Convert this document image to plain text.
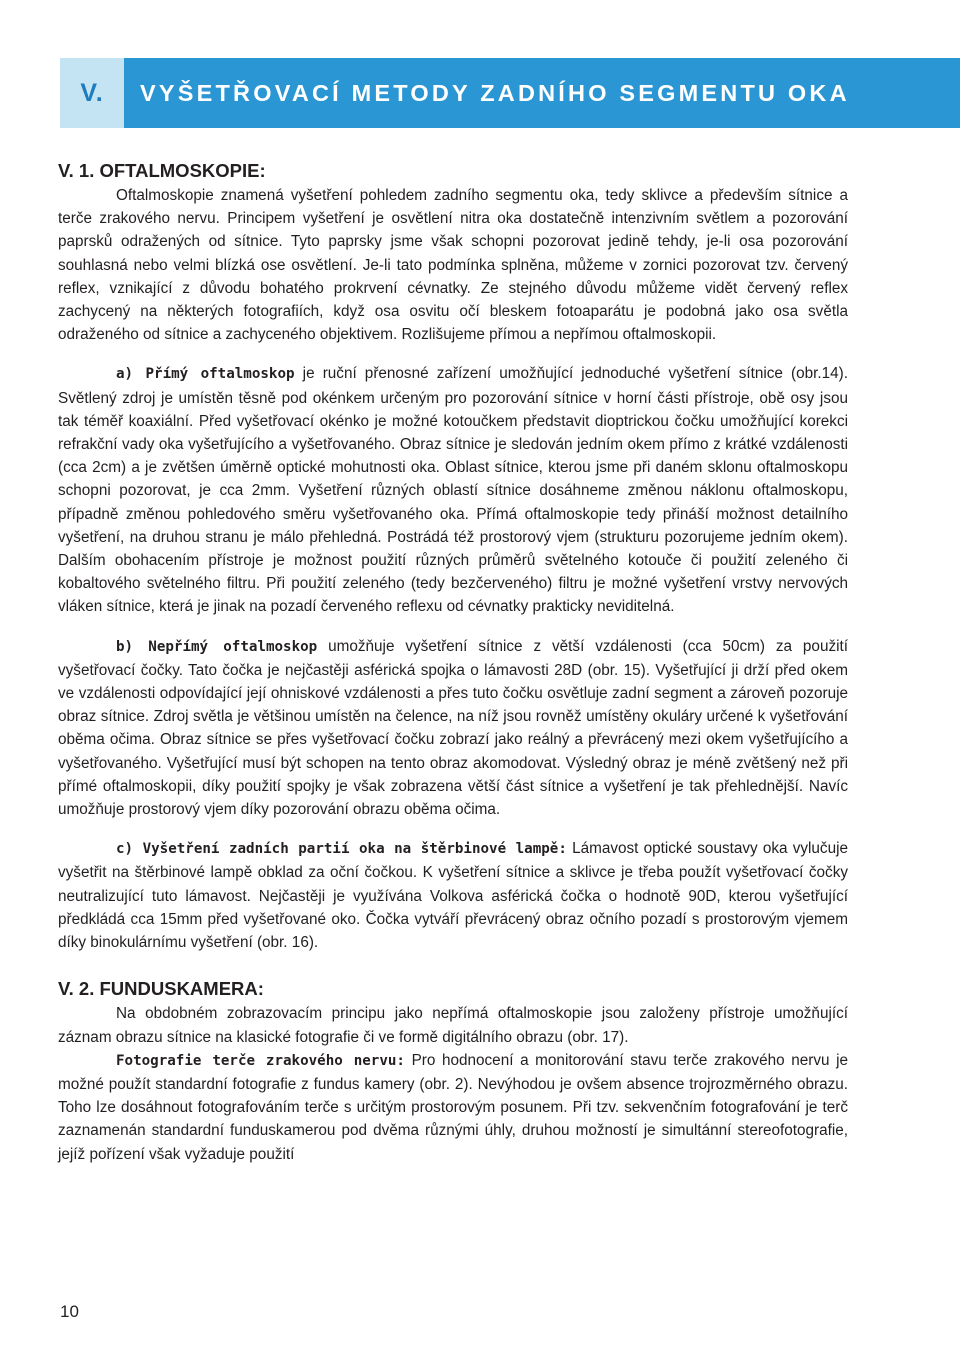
V.	VYŠETŘOVACÍ METODY ZADNÍHO SEGMENTU OKA
V. 1. OFTALMOSKOPIE:

Oftalmoskopie znamená vyšetření pohledem zadního segmentu oka, tedy sklivce a především sítnice a terče zrakového nervu. Principem vyšetření je osvětlení nitra oka dostatečně intenzivním světlem a pozorování paprsků odražených od sítnice. Tyto paprsky jsme však schopni pozorovat jedině tehdy, je-li osa pozorování souhlasná nebo velmi blízká ose osvětlení. Je-li tato podmínka splněna, můžeme v zornici pozorovat tzv. červený reflex, vznikající z důvodu bohatého prokrvení cévnatky. Ze stejného důvodu můžeme vidět červený reflex zachycený na některých fotografiích, když osa osvitu očí bleskem fotoaparátu je podobná jako osa světla odraženého od sítnice a zachyceného objektivem. Rozlišujeme přímou a nepřímou oftalmoskopii.

a) Přímý oftalmoskop je ruční přenosné zařízení umožňující jednoduché vyšetření sítnice (obr.14). Světlený zdroj je umístěn těsně pod okénkem určeným pro pozorování sítnice v horní části přístroje, obě osy jsou tak téměř koaxiální. Před vyšetřovací okénko je možné kotoučkem představit dioptrickou čočku umožňující korekci refrakční vady oka vyšetřujícího a vyšetřovaného. Obraz sítnice je sledován jedním okem přímo z krátké vzdálenosti (cca 2cm) a je zvětšen úměrně optické mohutnosti oka. Oblast sítnice, kterou jsme při daném sklonu oftalmoskopu schopni pozorovat, je cca 2mm. Vyšetření různých oblastí sítnice dosáhneme změnou náklonu oftalmoskopu, případně změnou pohledového směru vyšetřovaného oka. Přímá oftalmoskopie tedy přináší možnost detailního vyšetření, na druhou stranu je málo přehledná. Postrádá též prostorový vjem (strukturu pozorujeme jedním okem). Dalším obohacením přístroje je možnost použití různých průměrů světelného kotouče či použití zeleného či kobaltového světelného filtru. Při použití zeleného (tedy bezčerveného) filtru je možné vyšetření vrstvy nervových vláken sítnice, která je jinak na pozadí červeného reflexu od cévnatky prakticky neviditelná.

b) Nepřímý oftalmoskop umožňuje vyšetření sítnice z větší vzdálenosti (cca 50cm) za použití vyšetřovací čočky. Tato čočka je nejčastěji asférická spojka o lámavosti 28D (obr. 15). Vyšetřující ji drží před okem ve vzdálenosti odpovídající její ohniskové vzdálenosti a přes tuto čočku osvětluje zadní segment a zároveň pozoruje obraz sítnice. Zdroj světla je většinou umístěn na čelence, na níž jsou rovněž umístěny okuláry určené k vyšetřování oběma očima. Obraz sítnice se přes vyšetřovací čočku zobrazí jako reálný a převrácený mezi okem vyšetřujícího a vyšetřovaného. Vyšetřující musí být schopen na tento obraz akomodovat. Výsledný obraz je méně zvětšený než při přímé oftalmoskopii, díky použití spojky je však zobrazena větší část sítnice a vyšetření je tak přehlednější. Navíc umožňuje prostorový vjem díky pozorování obrazu oběma očima.

c) Vyšetření zadních partií oka na štěrbinové lampě: Lámavost optické soustavy oka vylučuje vyšetřit na štěrbinové lampě obklad za oční čočkou. K vyšetření sítnice a sklivce je třeba použít vyšetřovací čočky neutralizující tuto lámavost. Nejčastěji je využívána Volkova asférická čočka o hodnotě 90D, kterou vyšetřující předkládá cca 15mm před vyšetřované oko. Čočka vytváří převrácený obraz očního pozadí s prostorovým vjemem díky binokulárnímu vyšetření (obr. 16).

V. 2. FUNDUSKAMERA:

Na obdobném zobrazovacím principu jako nepřímá oftalmoskopie jsou založeny přístroje umožňující záznam obrazu sítnice na klasické fotografie či ve formě digitálního obrazu (obr. 17).

Fotografie terče zrakového nervu: Pro hodnocení a monitorování stavu terče zrakového nervu je možné použít standardní fotografie z fundus kamery (obr. 2). Nevýhodou je ovšem absence trojrozměrného obrazu. Toho lze dosáhnout fotografováním terče s určitým prostorovým posunem. Při tzv. sekvenčním fotografování je terč zaznamenán standardní funduskamerou pod dvěma různými úhly, druhou možností je simultánní stereofotografie, jejíž pořízení však vyžaduje použití

10
